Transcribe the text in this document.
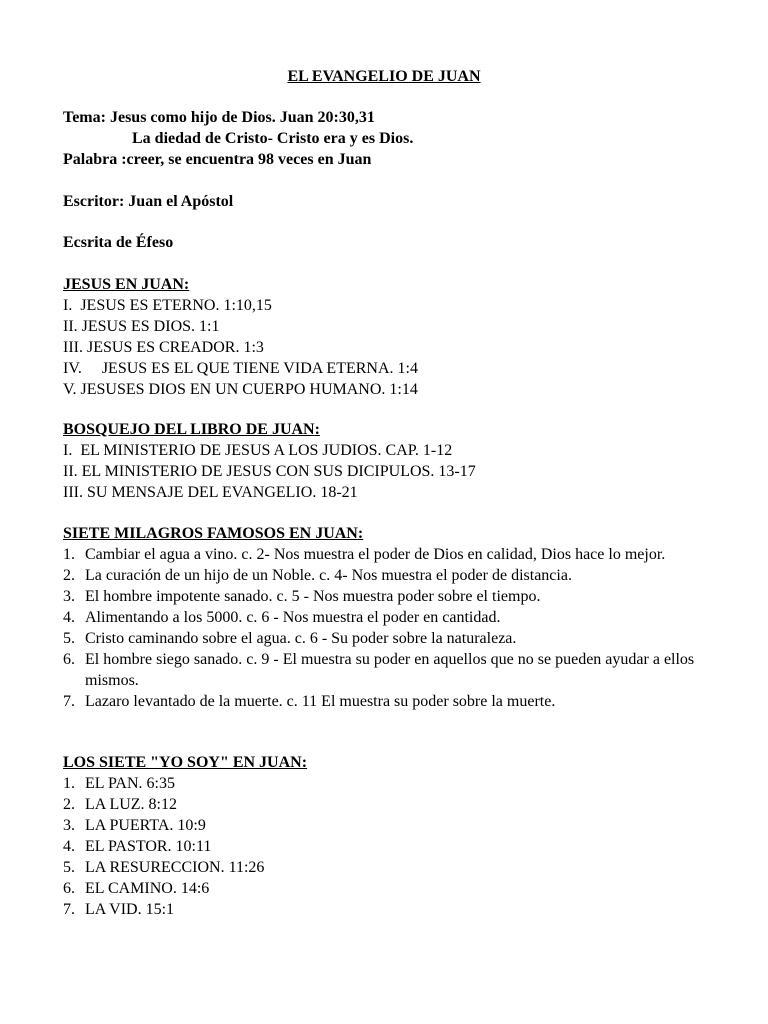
EL EVANGELIO DE JUAN
Tema: Jesus como hijo de Dios. Juan 20:30,31
La diedad de Cristo- Cristo era y es Dios.
Palabra :creer, se encuentra 98 veces en Juan
Escritor: Juan el Apóstol
Ecsrita de Éfeso
JESUS EN JUAN:
I.  JESUS ES ETERNO. 1:10,15
II. JESUS ES DIOS. 1:1
III. JESUS ES CREADOR. 1:3
IV.     JESUS ES EL QUE TIENE VIDA ETERNA. 1:4
V. JESUSES DIOS EN UN CUERPO HUMANO. 1:14
BOSQUEJO DEL LIBRO DE JUAN:
I.  EL MINISTERIO DE JESUS A LOS JUDIOS. CAP. 1-12
II. EL MINISTERIO DE JESUS CON SUS DICIPULOS. 13-17
III. SU MENSAJE DEL EVANGELIO. 18-21
SIETE MILAGROS FAMOSOS EN JUAN:
1. Cambiar el agua a vino. c. 2- Nos muestra el poder de Dios en calidad, Dios hace lo mejor.
2. La curación de un hijo de un Noble. c. 4- Nos muestra el poder de distancia.
3. El hombre impotente sanado. c. 5 - Nos muestra poder sobre el tiempo.
4. Alimentando a los 5000. c. 6 - Nos muestra el poder en cantidad.
5. Cristo caminando sobre el agua. c. 6 - Su poder sobre la naturaleza.
6. El hombre siego sanado. c. 9 - El muestra su poder en aquellos que no se pueden ayudar a ellos mismos.
7. Lazaro levantado de la muerte. c. 11 El muestra su poder sobre la muerte.
LOS SIETE "YO SOY" EN JUAN:
1. EL PAN. 6:35
2. LA LUZ. 8:12
3. LA PUERTA. 10:9
4. EL PASTOR. 10:11
5. LA RESURECCION. 11:26
6. EL CAMINO. 14:6
7. LA VID. 15:1
